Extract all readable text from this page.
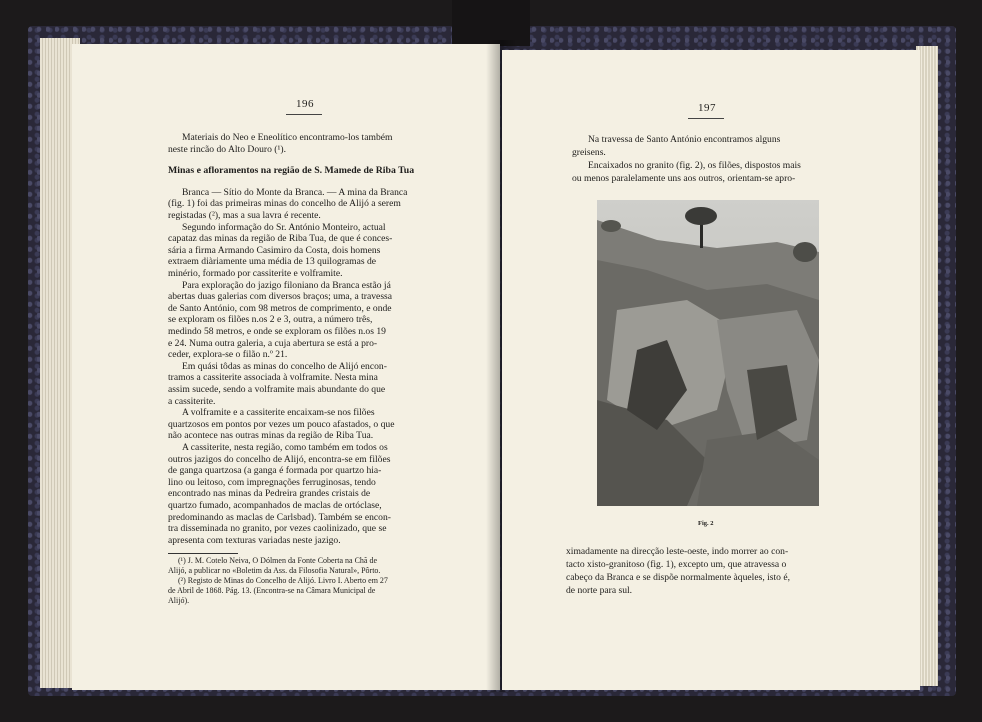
196
Materiais do Neo e Eneolítico encontramo-los também
neste rincão do Alto Douro (¹).
Minas e afloramentos na região de S. Mamede de Riba Tua
Branca — Sítio do Monte da Branca. — A mina da Branca
(fig. 1) foi das primeiras minas do concelho de Alijó a serem
registadas (²), mas a sua lavra é recente.
Segundo informação do Sr. António Monteiro, actual
capataz das minas da região de Riba Tua, de que é conces-
sária a firma Armando Casimiro da Costa, dois homens
extraem diàriamente uma média de 13 quilogramas de
minério, formado por cassiterite e volframite.
Para exploração do jazigo filoniano da Branca estão já
abertas duas galerias com diversos braços; uma, a travessa
de Santo António, com 98 metros de comprimento, e onde
se exploram os filões n.os 2 e 3, outra, a número três,
medindo 58 metros, e onde se exploram os filões n.os 19
e 24. Numa outra galeria, a cuja abertura se está a pro-
ceder, explora-se o filão n.º 21.
Em quási tôdas as minas do concelho de Alijó encon-
tramos a cassiterite associada à volframite. Nesta mina
assim sucede, sendo a volframite mais abundante do que
a cassiterite.
A volframite e a cassiterite encaixam-se nos filões
quartzosos em pontos por vezes um pouco afastados, o que
não acontece nas outras minas da região de Riba Tua.
A cassiterite, nesta região, como também em todos os
outros jazigos do concelho de Alijó, encontra-se em filões
de ganga quartzosa (a ganga é formada por quartzo hia-
lino ou leitoso, com impregnações ferruginosas, tendo
encontrado nas minas da Pedreira grandes cristais de
quartzo fumado, acompanhados de maclas de ortóclase,
predominando as maclas de Carlsbad). Também se encon-
tra disseminada no granito, por vezes caolinizado, que se
apresenta com texturas variadas neste jazigo.
(¹) J. M. Cotelo Neiva, O Dólmen da Fonte Coberta na Chã de
Alijó, a publicar no «Boletim da Ass. da Filosofia Natural», Pôrto.
(²) Registo de Minas do Concelho de Alijó. Livro I. Aberto em 27
de Abril de 1868. Pág. 13. (Encontra-se na Câmara Municipal de
Alijó).
197
Na travessa de Santo António encontramos alguns
greisens.
Encaixados no granito (fig. 2), os filões, dispostos mais
ou menos paralelamente uns aos outros, orientam-se apro-
Fig. 2
ximadamente na direcção leste-oeste, indo morrer ao con-
tacto xisto-granitoso (fig. 1), excepto um, que atravessa o
cabeço da Branca e se dispõe normalmente àqueles, isto é,
de norte para sul.
